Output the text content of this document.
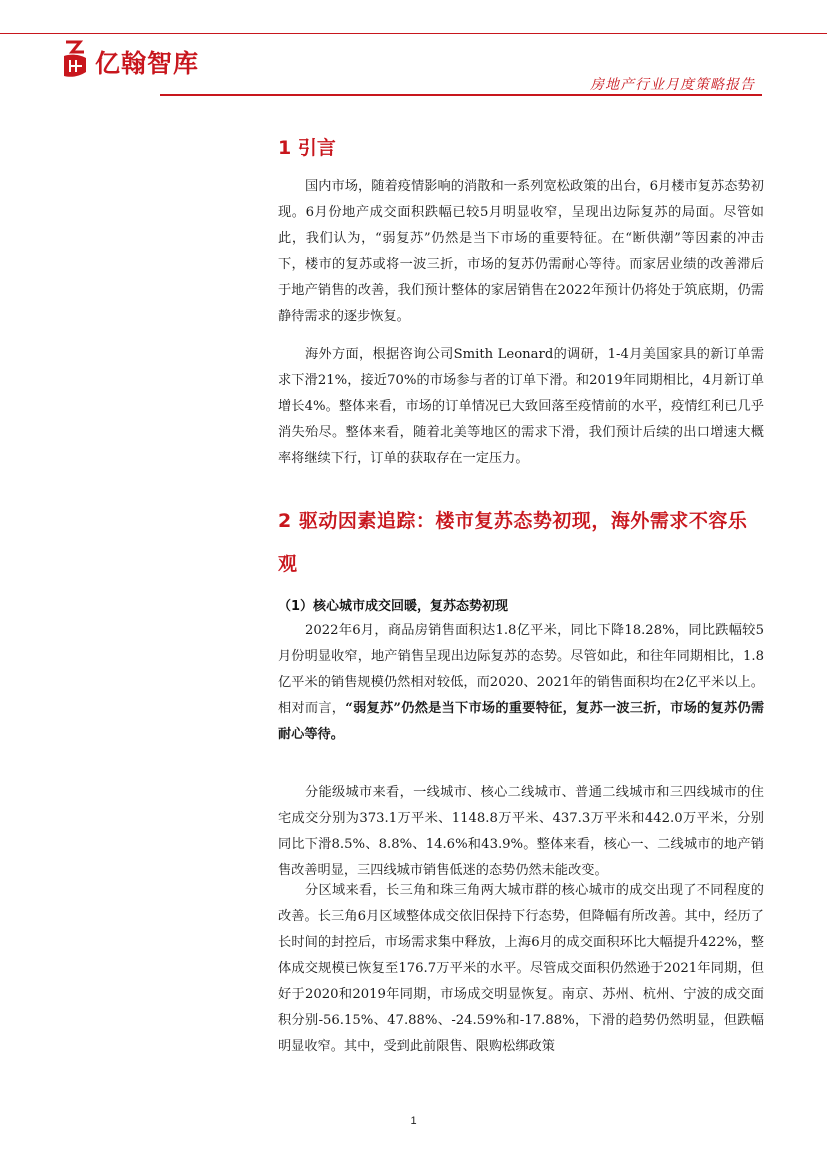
亿翰智库
房地产行业月度策略报告
1 引言

国内市场，随着疫情影响的消散和一系列宽松政策的出台，6月楼市复苏态势初现。6月份地产成交面积跌幅已较5月明显收窄，呈现出边际复苏的局面。尽管如此，我们认为，“弱复苏”仍然是当下市场的重要特征。在“断供潮”等因素的冲击下，楼市的复苏或将一波三折，市场的复苏仍需耐心等待。而家居业绩的改善滞后于地产销售的改善，我们预计整体的家居销售在2022年预计仍将处于筑底期，仍需静待需求的逐步恢复。

海外方面，根据咨询公司Smith Leonard的调研，1-4月美国家具的新订单需求下滑21%，接近70%的市场参与者的订单下滑。和2019年同期相比，4月新订单增长4%。整体来看，市场的订单情况已大致回落至疫情前的水平，疫情红利已几乎消失殆尽。整体来看，随着北美等地区的需求下滑，我们预计后续的出口增速大概率将继续下行，订单的获取存在一定压力。

2 驱动因素追踪：楼市复苏态势初现，海外需求不容乐观
（1）核心城市成交回暖，复苏态势初现

2022年6月，商品房销售面积达1.8亿平米，同比下降18.28%，同比跌幅较5月份明显收窄，地产销售呈现出边际复苏的态势。尽管如此，和往年同期相比，1.8亿平米的销售规模仍然相对较低，而2020、2021年的销售面积均在2亿平米以上。相对而言，“弱复苏”仍然是当下市场的重要特征，复苏一波三折，市场的复苏仍需耐心等待。

分能级城市来看，一线城市、核心二线城市、普通二线城市和三四线城市的住宅成交分别为373.1万平米、1148.8万平米、437.3万平米和442.0万平米，分别同比下滑8.5%、8.8%、14.6%和43.9%。整体来看，核心一、二线城市的地产销售改善明显，三四线城市销售低迷的态势仍然未能改变。

分区域来看，长三角和珠三角两大城市群的核心城市的成交出现了不同程度的改善。长三角6月区域整体成交依旧保持下行态势，但降幅有所改善。其中，经历了长时间的封控后，市场需求集中释放，上海6月的成交面积环比大幅提升422%，整体成交规模已恢复至176.7万平米的水平。尽管成交面积仍然逊于2021年同期，但好于2020和2019年同期，市场成交明显恢复。南京、苏州、杭州、宁波的成交面积分别-56.15%、47.88%、-24.59%和-17.88%，下滑的趋势仍然明显，但跌幅明显收窄。其中，受到此前限售、限购松绑政策

1
